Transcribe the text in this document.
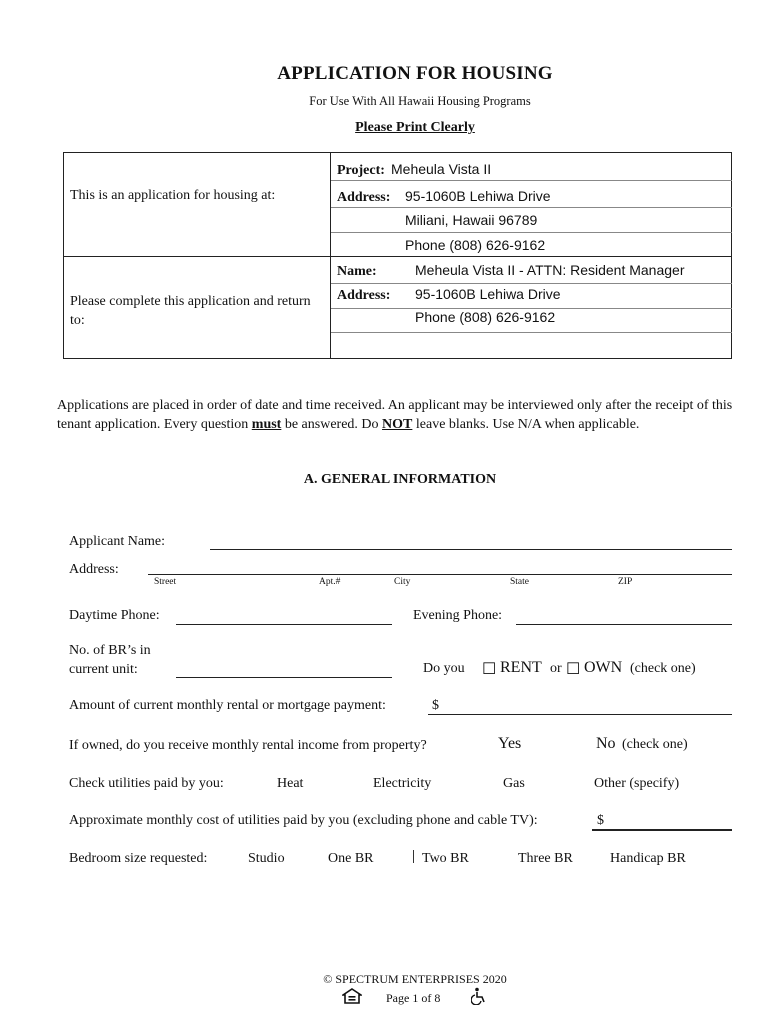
APPLICATION FOR HOUSING
For Use With All Hawaii Housing Programs
Please Print Clearly
This is an application for housing at:
Project: Meheula Vista II
Address: 95-1060B Lehiwa Drive
Miliani, Hawaii 96789
Phone (808) 626-9162
Please complete this application and return to:
Name:	Meheula Vista II - ATTN: Resident Manager
Address: 95-1060B Lehiwa Drive
Phone (808) 626-9162
Applications are placed in order of date and time received. An applicant may be interviewed only after the receipt of this tenant application. Every question must be answered. Do NOT leave blanks. Use N/A when applicable.
A. GENERAL INFORMATION
Applicant Name:
Address:
Street	Apt.#	City	State	ZIP
Daytime Phone:	Evening Phone:
No. of BR’s in
current unit:	Do you ☐ RENT or ☐ OWN (check one)
Amount of current monthly rental or mortgage payment:	$
If owned, do you receive monthly rental income from property?	Yes	No (check one)
Check utilities paid by you:	Heat	Electricity	Gas	Other (specify)
Approximate monthly cost of utilities paid by you (excluding phone and cable TV):	$
Bedroom size requested:	Studio	One BR	Two BR	Three BR	Handicap BR
© SPECTRUM ENTERPRISES 2020
Page 1 of 8
